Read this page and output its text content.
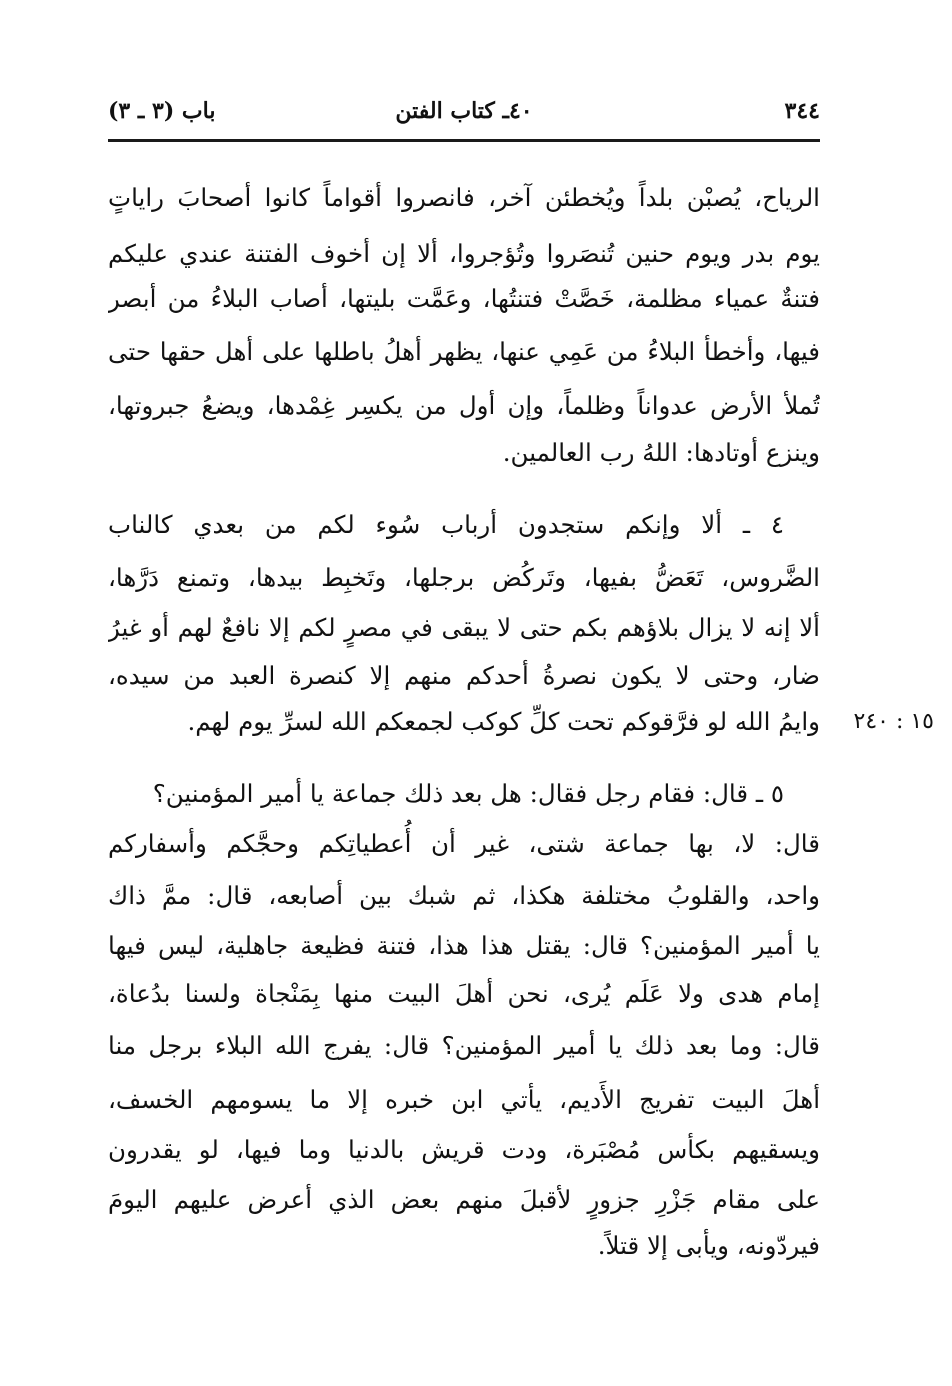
٣٤٤
٤٠ـ كتاب الفتن
باب (٣ ـ ٣)
الرياح، يُصبْن بلداً ويُخطئن آخر، فانصروا أقواماً كانوا أصحابَ راياتٍ
يوم بدر ويوم حنين تُنصَروا وتُؤجروا، ألا إن أخوف الفتنة عندي عليكم
فتنةٌ عمياء مظلمة، خَصَّتْ فتنتُها، وعَمَّت بليتها، أصاب البلاءُ من أبصر
فيها، وأخطأ البلاءُ من عَمِي عنها، يظهر أهلُ باطلها على أهل حقها حتى
تُملأ الأرض عدواناً وظلماً، وإن أول من يكسِر غِمْدها، ويضعُ جبروتها،
وينزع أوتادها: اللهُ رب العالمين.
٤ ـ ألا وإنكم ستجدون أرباب سُوء لكم من بعدي كالناب
الضَّروس، تَعَضُّ بفيها، وتَركُض برجلها، وتَخبِط بيدها، وتمنع دَرَّها،
ألا إنه لا يزال بلاؤهم بكم حتى لا يبقى في مصرٍ لكم إلا نافعٌ لهم أو غيرُ
ضار، وحتى لا يكون نصرةُ أحدكم منهم إلا كنصرة العبد من سيده،
وايمُ الله لو فرَّقوكم تحت كلِّ كوكب لجمعكم الله لسرِّ يوم لهم.	١٥ : ٢٤٠
٥ ـ قال: فقام رجل فقال: هل بعد ذلك جماعة يا أمير المؤمنين؟
قال: لا، بها جماعة شتى، غير أن أُعطياتِكم وحجَّكم وأسفاركم
واحد، والقلوبُ مختلفة هكذا، ثم شبك بين أصابعه، قال: ممَّ ذاك
يا أمير المؤمنين؟ قال: يقتل هذا هذا، فتنة فظيعة جاهلية، ليس فيها
إمام هدى ولا عَلَم يُرى، نحن أهلَ البيت منها بِمَنْجاة ولسنا بدُعاة،
قال: وما بعد ذلك يا أمير المؤمنين؟ قال: يفرج الله البلاء برجل منا
أهلَ البيت تفريج الأَديم، يأتي ابن خبره إلا ما يسومهم الخسف،
ويسقيهم بكأس مُصْبَرة، ودت قريش بالدنيا وما فيها، لو يقدرون
على مقام جَزْرِ جزورٍ لأقبلَ منهم بعض الذي أعرض عليهم اليومَ
فيردّونه، ويأبى إلا قتلاً.
